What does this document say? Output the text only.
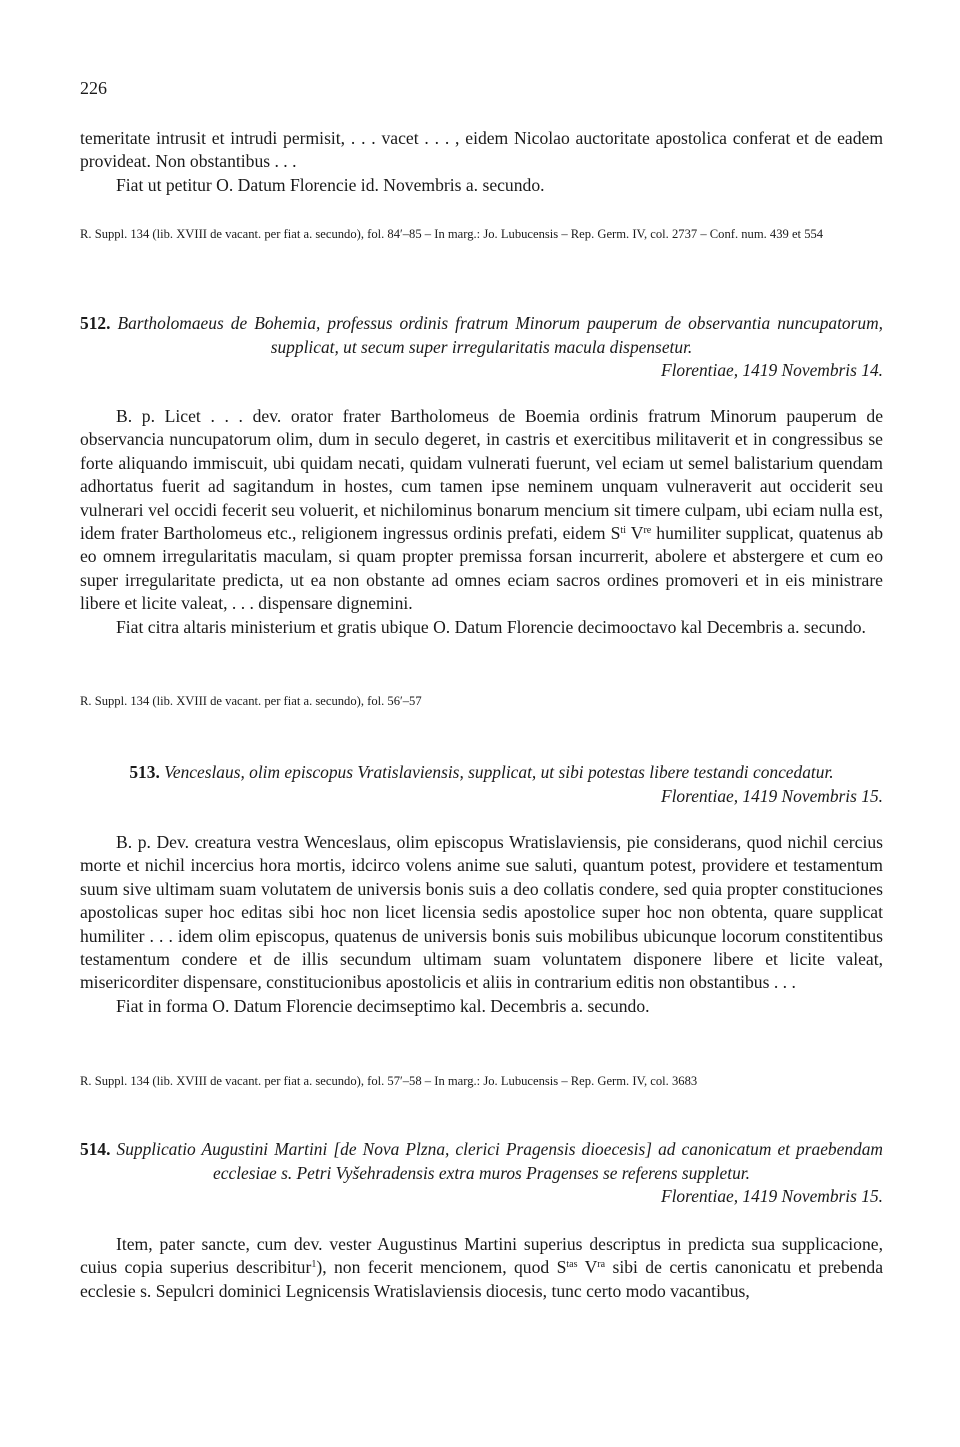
226

temeritate intrusit et intrudi permisit, . . . vacet . . . , eidem Nicolao auctoritate apostolica conferat et de eadem provideat. Non obstantibus . . .

Fiat ut petitur O. Datum Florencie id. Novembris a. secundo.

R. Suppl. 134 (lib. XVIII de vacant. per fiat a. secundo), fol. 84′–85 – In marg.: Jo. Lubucensis – Rep. Germ. IV, col. 2737 – Conf. num. 439 et 554

512. Bartholomaeus de Bohemia, professus ordinis fratrum Minorum pauperum de observantia nuncupatorum,

supplicat, ut secum super irregularitatis macula dispensetur.

Florentiae, 1419 Novembris 14.

B. p. Licet . . . dev. orator frater Bartholomeus de Boemia ordinis fratrum Minorum pauperum de observancia nuncupatorum olim, dum in seculo degeret, in castris et exercitibus militaverit et in congressibus se forte aliquando immiscuit, ubi quidam necati, quidam vulnerati fuerunt, vel eciam ut semel balistarium quendam adhortatus fuerit ad sagitandum in hostes, cum tamen ipse neminem unquam vulneraverit aut occiderit seu vulnerari vel occidi fecerit seu voluerit, et nichilominus bonarum mencium sit timere culpam, ubi eciam nulla est, idem frater Bartholomeus etc., religionem ingressus ordinis prefati, eidem $S^{ti}$ Vre humiliter supplicat, quatenus ab eo omnem irregularitatis maculam, si quam propter premissa forsan incurrerit, abolere et abstergere et cum eo super irregularitate predicta, ut ea non obstante ad omnes eciam sacros ordines promoveri et in eis ministrare libere et licite valeat, . . . dispensare dignemini.

Fiat citra altaris ministerium et gratis ubique O. Datum Florencie decimooctavo kal Decembris a. secundo.

R. Suppl. 134 (lib. XVIII de vacant. per fiat a. secundo), fol. 56′–57

513. Venceslaus, olim episcopus Vratislaviensis, supplicat, ut sibi potestas libere testandi concedatur.

Florentiae, 1419 Novembris 15.

B. p. Dev. creatura vestra Wenceslaus, olim episcopus Wratislaviensis, pie considerans, quod nichil cercius morte et nichil incercius hora mortis, idcirco volens anime sue saluti, quantum potest, providere et testamentum suum sive ultimam suam volutatem de universis bonis suis a deo collatis condere, sed quia propter constituciones apostolicas super hoc editas sibi hoc non licet licensia sedis apostolice super hoc non obtenta, quare supplicat humiliter . . . idem olim episcopus, quatenus de universis bonis suis mobilibus ubicunque locorum constitentibus testamentum condere et de illis secundum ultimam suam voluntatem disponere libere et licite valeat, misericorditer dispensare, constitucionibus apostolicis et aliis in contrarium editis non obstantibus . . .

Fiat in forma O. Datum Florencie decimseptimo kal. Decembris a. secundo.

R. Suppl. 134 (lib. XVIII de vacant. per fiat a. secundo), fol. 57′–58 – In marg.: Jo. Lubucensis – Rep. Germ. IV, col. 3683

514. Supplicatio Augustini Martini [de Nova Plzna, clerici Pragensis dioecesis] ad canonicatum et praebendam

ecclesiae s. Petri Vyšehradensis extra muros Pragenses se referens suppletur.

Florentiae, 1419 Novembris 15.

Item, pater sancte, cum dev. vester Augustinus Martini superius descriptus in predicta sua supplicacione, cuius copia superius describitur$^1$), non fecerit mencionem, quod $S^{tas}$ $V^{ra}$ sibi de certis canonicatu et prebenda ecclesie s. Sepulcri dominici Legnicensis Wratislaviensis diocesis, tunc certo modo vacantibus,
